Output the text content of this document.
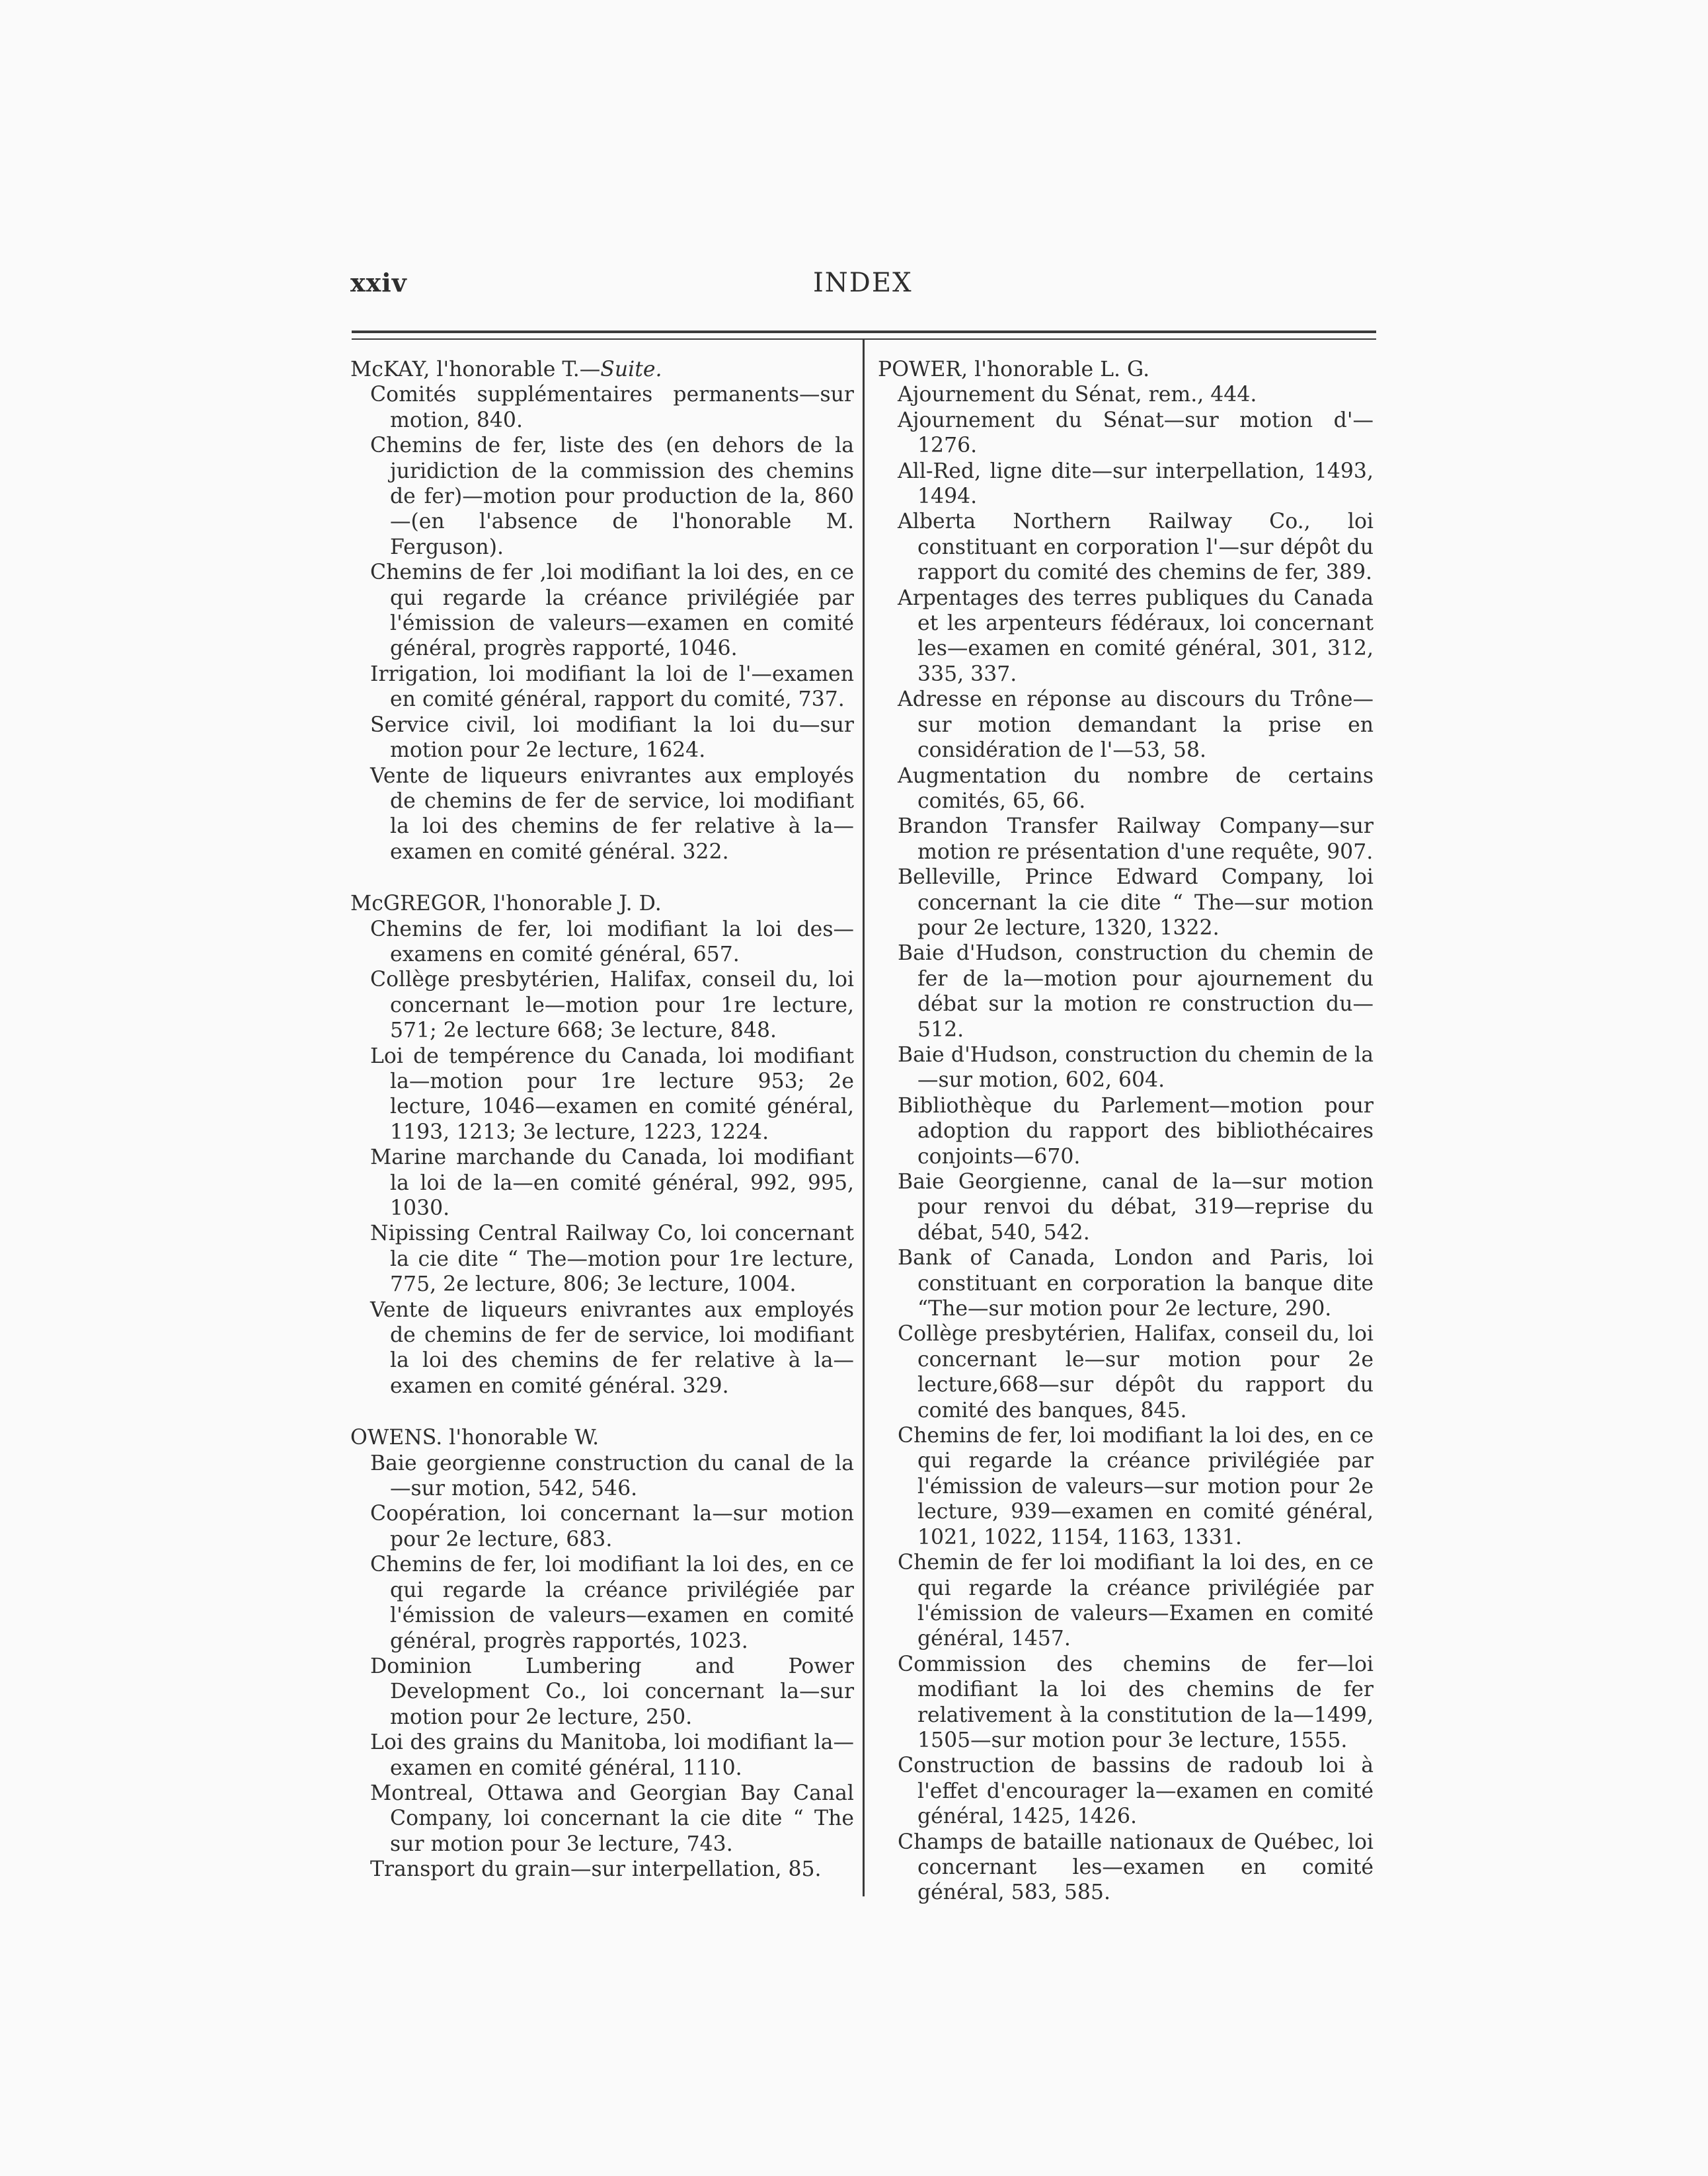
xxiv	INDEX

McKAY, l'honorable T.—Suite.

Comités supplémentaires permanents—sur motion, 840.

Chemins de fer, liste des (en dehors de la juridiction de la commission des chemins de fer)—motion pour production de la, 860—(en l'absence de l'honorable M. Ferguson).

Chemins de fer ,loi modifiant la loi des, en ce qui regarde la créance privilégiée par l'émission de valeurs—examen en comité général, progrès rapporté, 1046.

Irrigation, loi modifiant la loi de l'—examen en comité général, rapport du comité, 737.

Service civil, loi modifiant la loi du—sur motion pour 2e lecture, 1624.

Vente de liqueurs enivrantes aux employés de chemins de fer de service, loi modifiant la loi des chemins de fer relative à la—examen en comité général. 322.

McGREGOR, l'honorable J. D.

Chemins de fer, loi modifiant la loi des—examens en comité général, 657.

Collège presbytérien, Halifax, conseil du, loi concernant le—motion pour 1re lecture, 571; 2e lecture 668; 3e lecture, 848.

Loi de tempérence du Canada, loi modifiant la—motion pour 1re lecture 953; 2e lecture, 1046—examen en comité général, 1193, 1213; 3e lecture, 1223, 1224.

Marine marchande du Canada, loi modifiant la loi de la—en comité général, 992, 995, 1030.

Nipissing Central Railway Co, loi concernant la cie dite “ The—motion pour 1re lecture, 775, 2e lecture, 806; 3e lecture, 1004.

Vente de liqueurs enivrantes aux employés de chemins de fer de service, loi modifiant la loi des chemins de fer relative à la—examen en comité général. 329.

OWENS. l'honorable W.

Baie georgienne construction du canal de la—sur motion, 542, 546.

Coopération, loi concernant la—sur motion pour 2e lecture, 683.

Chemins de fer, loi modifiant la loi des, en ce qui regarde la créance privilégiée par l'émission de valeurs—examen en comité général, progrès rapportés, 1023.

Dominion Lumbering and Power Development Co., loi concernant la—sur motion pour 2e lecture, 250.

Loi des grains du Manitoba, loi modifiant la—examen en comité général, 1110.

Montreal, Ottawa and Georgian Bay Canal Company, loi concernant la cie dite “ The sur motion pour 3e lecture, 743.

Transport du grain—sur interpellation, 85.

POWER, l'honorable L. G.

Ajournement du Sénat, rem., 444.

Ajournement du Sénat—sur motion d'—1276.

All-Red, ligne dite—sur interpellation, 1493, 1494.

Alberta Northern Railway Co., loi constituant en corporation l'—sur dépôt du rapport du comité des chemins de fer, 389.

Arpentages des terres publiques du Canada et les arpenteurs fédéraux, loi concernant les—examen en comité général, 301, 312, 335, 337.

Adresse en réponse au discours du Trône—sur motion demandant la prise en considération de l'—53, 58.

Augmentation du nombre de certains comités, 65, 66.

Brandon Transfer Railway Company—sur motion re présentation d'une requête, 907.

Belleville, Prince Edward Company, loi concernant la cie dite “ The—sur motion pour 2e lecture, 1320, 1322.

Baie d'Hudson, construction du chemin de fer de la—motion pour ajournement du débat sur la motion re construction du—512.

Baie d'Hudson, construction du chemin de la—sur motion, 602, 604.

Bibliothèque du Parlement—motion pour adoption du rapport des bibliothécaires conjoints—670.

Baie Georgienne, canal de la—sur motion pour renvoi du débat, 319—reprise du débat, 540, 542.

Bank of Canada, London and Paris, loi constituant en corporation la banque dite “The—sur motion pour 2e lecture, 290.

Collège presbytérien, Halifax, conseil du, loi concernant le—sur motion pour 2e lecture,668—sur dépôt du rapport du comité des banques, 845.

Chemins de fer, loi modifiant la loi des, en ce qui regarde la créance privilégiée par l'émission de valeurs—sur motion pour 2e lecture, 939—examen en comité général, 1021, 1022, 1154, 1163, 1331.

Chemin de fer loi modifiant la loi des, en ce qui regarde la créance privilégiée par l'émission de valeurs—Examen en comité général, 1457.

Commission des chemins de fer—loi modifiant la loi des chemins de fer relativement à la constitution de la—1499, 1505—sur motion pour 3e lecture, 1555.

Construction de bassins de radoub loi à l'effet d'encourager la—examen en comité général, 1425, 1426.

Champs de bataille nationaux de Québec, loi concernant les—examen en comité général, 583, 585.
